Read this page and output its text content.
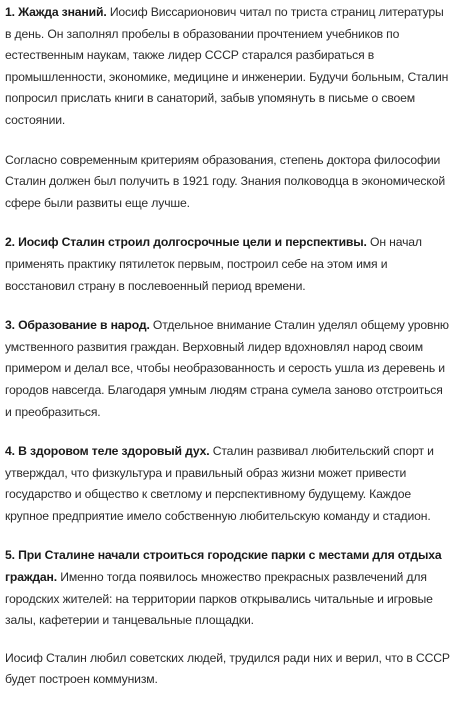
1. Жажда знаний. Иосиф Виссарионович читал по триста страниц литературы в день. Он заполнял пробелы в образовании прочтением учебников по естественным наукам, также лидер СССР старался разбираться в промышленности, экономике, медицине и инженерии. Будучи больным, Сталин попросил прислать книги в санаторий, забыв упомянуть в письме о своем состоянии.

Согласно современным критериям образования, степень доктора философии Сталин должен был получить в 1921 году. Знания полководца в экономической сфере были развиты еще лучше.

2. Иосиф Сталин строил долгосрочные цели и перспективы. Он начал применять практику пятилеток первым, построил себе на этом имя и восстановил страну в послевоенный период времени.

3. Образование в народ. Отдельное внимание Сталин уделял общему уровню умственного развития граждан. Верховный лидер вдохновлял народ своим примером и делал все, чтобы необразованность и серость ушла из деревень и городов навсегда. Благодаря умным людям страна сумела заново отстроиться и преобразиться.

4. В здоровом теле здоровый дух. Сталин развивал любительский спорт и утверждал, что физкультура и правильный образ жизни может привести государство и общество к светлому и перспективному будущему. Каждое крупное предприятие имело собственную любительскую команду и стадион.

5. При Сталине начали строиться городские парки с местами для отдыха граждан. Именно тогда появилось множество прекрасных развлечений для городских жителей: на территории парков открывались читальные и игровые залы, кафетерии и танцевальные площадки.

Иосиф Сталин любил советских людей, трудился ради них и верил, что в СССР будет построен коммунизм.
